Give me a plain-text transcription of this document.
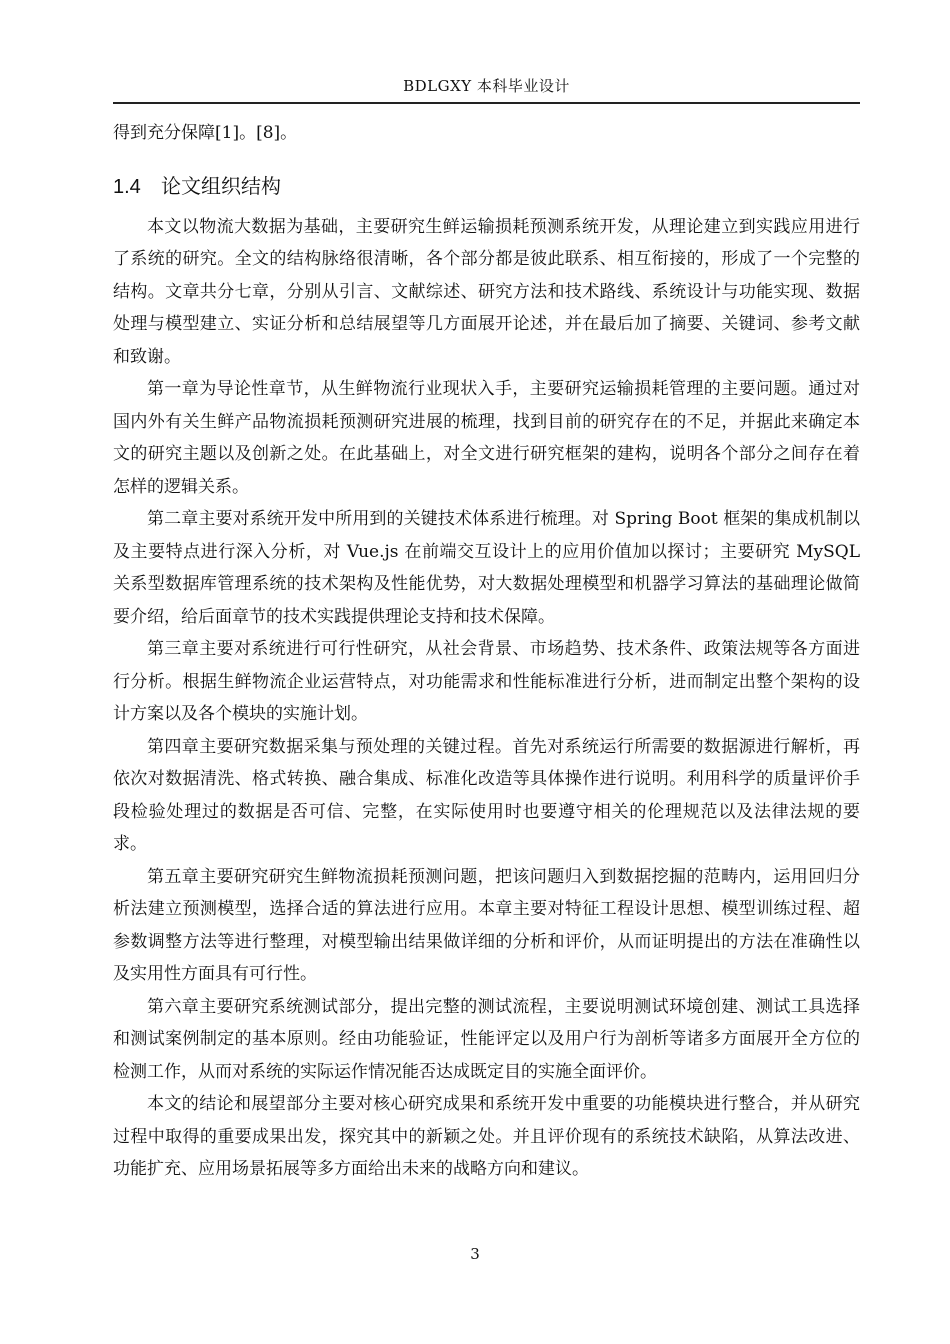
BDLGXY 本科毕业设计

得到充分保障[1]。[8]。

1.4 论文组织结构

本文以物流大数据为基础，主要研究生鲜运输损耗预测系统开发，从理论建立到实践应用进行了系统的研究。全文的结构脉络很清晰，各个部分都是彼此联系、相互衔接的，形成了一个完整的结构。文章共分七章，分别从引言、文献综述、研究方法和技术路线、系统设计与功能实现、数据处理与模型建立、实证分析和总结展望等几方面展开论述，并在最后加了摘要、关键词、参考文献和致谢。

第一章为导论性章节，从生鲜物流行业现状入手，主要研究运输损耗管理的主要问题。通过对国内外有关生鲜产品物流损耗预测研究进展的梳理，找到目前的研究存在的不足，并据此来确定本文的研究主题以及创新之处。在此基础上，对全文进行研究框架的建构，说明各个部分之间存在着怎样的逻辑关系。

第二章主要对系统开发中所用到的关键技术体系进行梳理。对 Spring Boot 框架的集成机制以及主要特点进行深入分析，对 Vue.js 在前端交互设计上的应用价值加以探讨；主要研究 MySQL 关系型数据库管理系统的技术架构及性能优势，对大数据处理模型和机器学习算法的基础理论做简要介绍，给后面章节的技术实践提供理论支持和技术保障。

第三章主要对系统进行可行性研究，从社会背景、市场趋势、技术条件、政策法规等各方面进行分析。根据生鲜物流企业运营特点，对功能需求和性能标准进行分析，进而制定出整个架构的设计方案以及各个模块的实施计划。

第四章主要研究数据采集与预处理的关键过程。首先对系统运行所需要的数据源进行解析，再依次对数据清洗、格式转换、融合集成、标准化改造等具体操作进行说明。利用科学的质量评价手段检验处理过的数据是否可信、完整，在实际使用时也要遵守相关的伦理规范以及法律法规的要求。

第五章主要研究研究生鲜物流损耗预测问题，把该问题归入到数据挖掘的范畴内，运用回归分析法建立预测模型，选择合适的算法进行应用。本章主要对特征工程设计思想、模型训练过程、超参数调整方法等进行整理，对模型输出结果做详细的分析和评价，从而证明提出的方法在准确性以及实用性方面具有可行性。

第六章主要研究系统测试部分，提出完整的测试流程，主要说明测试环境创建、测试工具选择和测试案例制定的基本原则。经由功能验证，性能评定以及用户行为剖析等诸多方面展开全方位的检测工作，从而对系统的实际运作情况能否达成既定目的实施全面评价。

本文的结论和展望部分主要对核心研究成果和系统开发中重要的功能模块进行整合，并从研究过程中取得的重要成果出发，探究其中的新颖之处。并且评价现有的系统技术缺陷，从算法改进、功能扩充、应用场景拓展等多方面给出未来的战略方向和建议。

3
